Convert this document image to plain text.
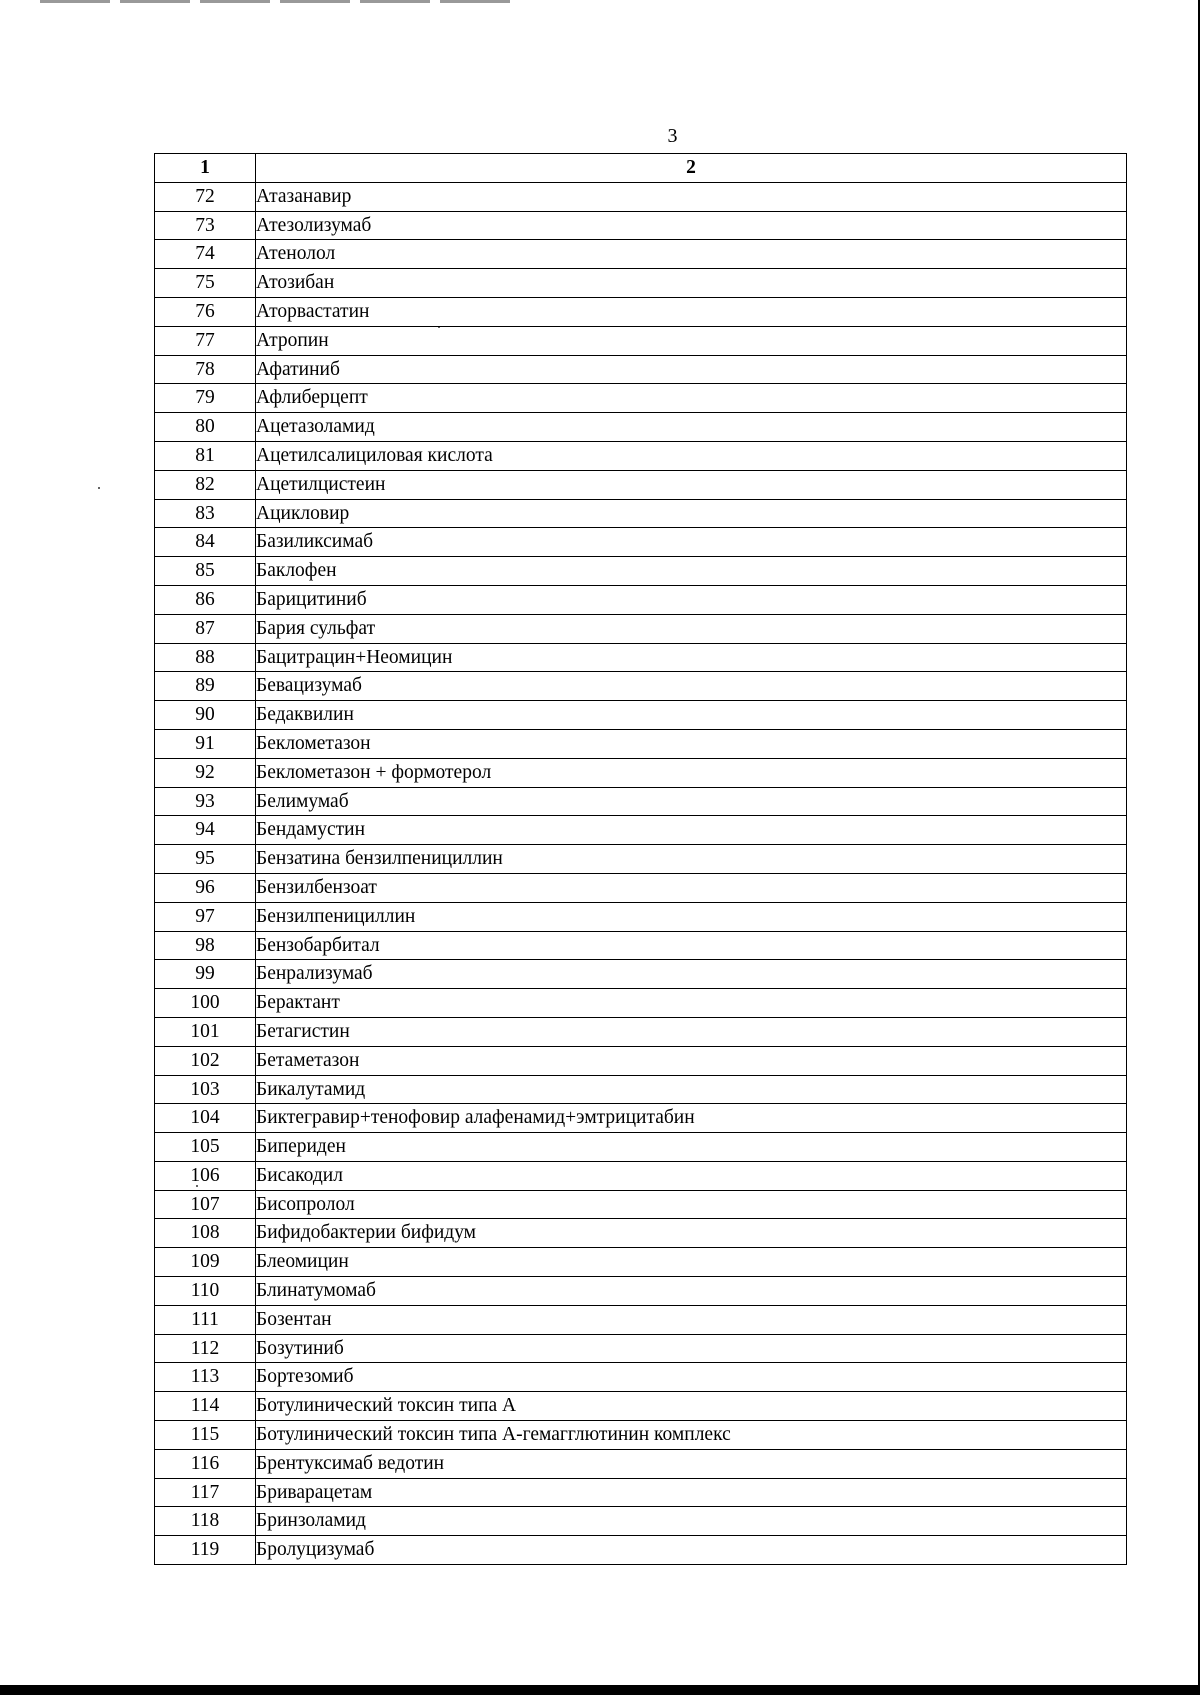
3
1	2
72	Атазанавир
73	Атезолизумаб
74	Атенолол
75	Атозибан
76	Аторвастатин
77	Атропин
78	Афатиниб
79	Афлиберцепт
80	Ацетазоламид
81	Ацетилсалициловая кислота
82	Ацетилцистеин
83	Ацикловир
84	Базиликсимаб
85	Баклофен
86	Барицитиниб
87	Бария сульфат
88	Бацитрацин+Неомицин
89	Бевацизумаб
90	Бедаквилин
91	Беклометазон
92	Беклометазон + формотерол
93	Белимумаб
94	Бендамустин
95	Бензатина бензилпенициллин
96	Бензилбензоат
97	Бензилпенициллин
98	Бензобарбитал
99	Бенрализумаб
100	Берактант
101	Бетагистин
102	Бетаметазон
103	Бикалутамид
104	Биктегравир+тенофовир алафенамид+эмтрицитабин
105	Бипериден
106	Бисакодил
107	Бисопролол
108	Бифидобактерии бифидум
109	Блеомицин
110	Блинатумомаб
111	Бозентан
112	Бозутиниб
113	Бортезомиб
114	Ботулинический токсин типа А
115	Ботулинический токсин типа А-гемагглютинин комплекс
116	Брентуксимаб ведотин
117	Бриварацетам
118	Бринзоламид
119	Бролуцизумаб
